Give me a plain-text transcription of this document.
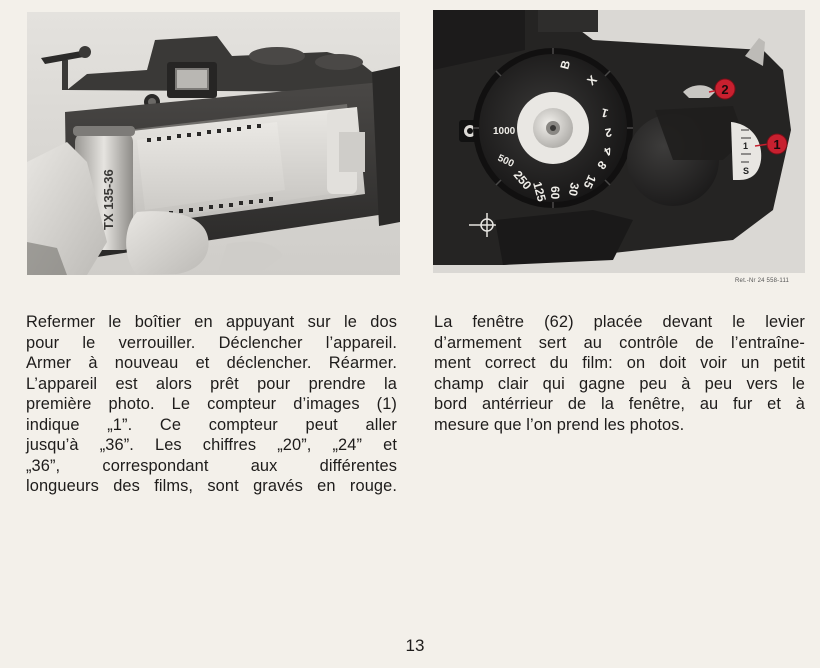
TX 135-36
B
X
1000
500
250
125 60 30
15
8
4
2
1
1
S
1
2
Ret.-Nr 24 558-111
Refermer le boîtier en appuyant sur le dos
pour le verrouiller. Déclencher l’appareil.
Armer à nouveau et déclencher. Réarmer.
L’appareil est alors prêt pour prendre la
première photo. Le compteur d’images (1)
indique „1”. Ce compteur peut aller
jusqu’à „36”. Les chiffres „20”, „24” et
„36”, correspondant aux différentes
longueurs des films, sont gravés en rouge.
La fenêtre (62) placée devant le levier
d’armement sert au contrôle de l’entraîne-
ment correct du film: on doit voir un petit
champ clair qui gagne peu à peu vers le
bord antérrieur de la fenêtre, au fur et à
mesure que l’on prend les photos.
13
